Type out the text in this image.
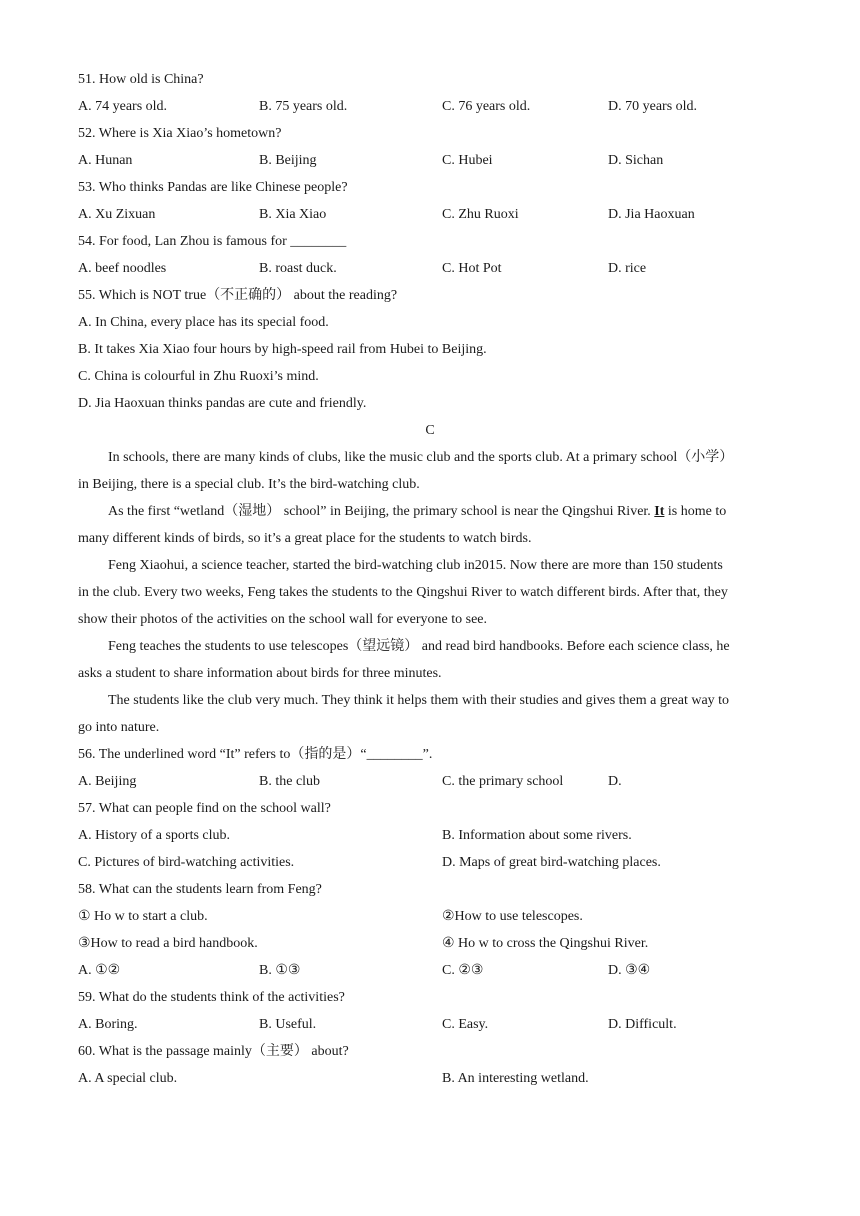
51. How old is China?
A. 74 years old.	B. 75 years old.	C. 76 years old.	D. 70 years old.
52. Where is Xia Xiao’s hometown?
A. Hunan	B. Beijing	C. Hubei	D. Sichan
53. Who thinks Pandas are like Chinese people?
A. Xu Zixuan	B. Xia Xiao	C. Zhu Ruoxi	D. Jia Haoxuan
54. For food, Lan Zhou is famous for ________
A. beef noodles	B. roast duck.	C. Hot Pot	D. rice
55. Which is NOT true（不正确的） about the reading?
A. In China, every place has its special food.
B. It takes Xia Xiao four hours by high-speed rail from Hubei to Beijing.
C. China is colourful in Zhu Ruoxi’s mind.
D. Jia Haoxuan thinks pandas are cute and friendly.
C
In schools, there are many kinds of clubs, like the music club and the sports club. At a primary school（小学）
in Beijing, there is a special club. It’s the bird-watching club.
As the first “wetland（湿地） school” in Beijing, the primary school is near the Qingshui River. It is home to
many different kinds of birds, so it’s a great place for the students to watch birds.
Feng Xiaohui, a science teacher, started the bird-watching club in2015. Now there are more than 150 students
in the club. Every two weeks, Feng takes the students to the Qingshui River to watch different birds. After that, they
show their photos of the activities on the school wall for everyone to see.
Feng teaches the students to use telescopes（望远镜） and read bird handbooks. Before each science class, he
asks a student to share information about birds for three minutes.
The students like the club very much. They think it helps them with their studies and gives them a great way to
go into nature.
56. The underlined word “It” refers to（指的是）“________”.
A. Beijing	B. the club	C. the primary school	D.
57. What can people find on the school wall?
A. History of a sports club.	B. Information about some rivers.
C. Pictures of bird-watching activities.	D. Maps of great bird-watching places.
58. What can the students learn from Feng?
① Ho w to start a club.	②How to use telescopes.
③How to read a bird handbook.	④ Ho w to cross the Qingshui River.
A. ①②	B. ①③	C. ②③	D. ③④
59. What do the students think of the activities?
A. Boring.	B. Useful.	C. Easy.	D. Difficult.
60. What is the passage mainly（主要） about?
A. A special club.	B. An interesting wetland.
